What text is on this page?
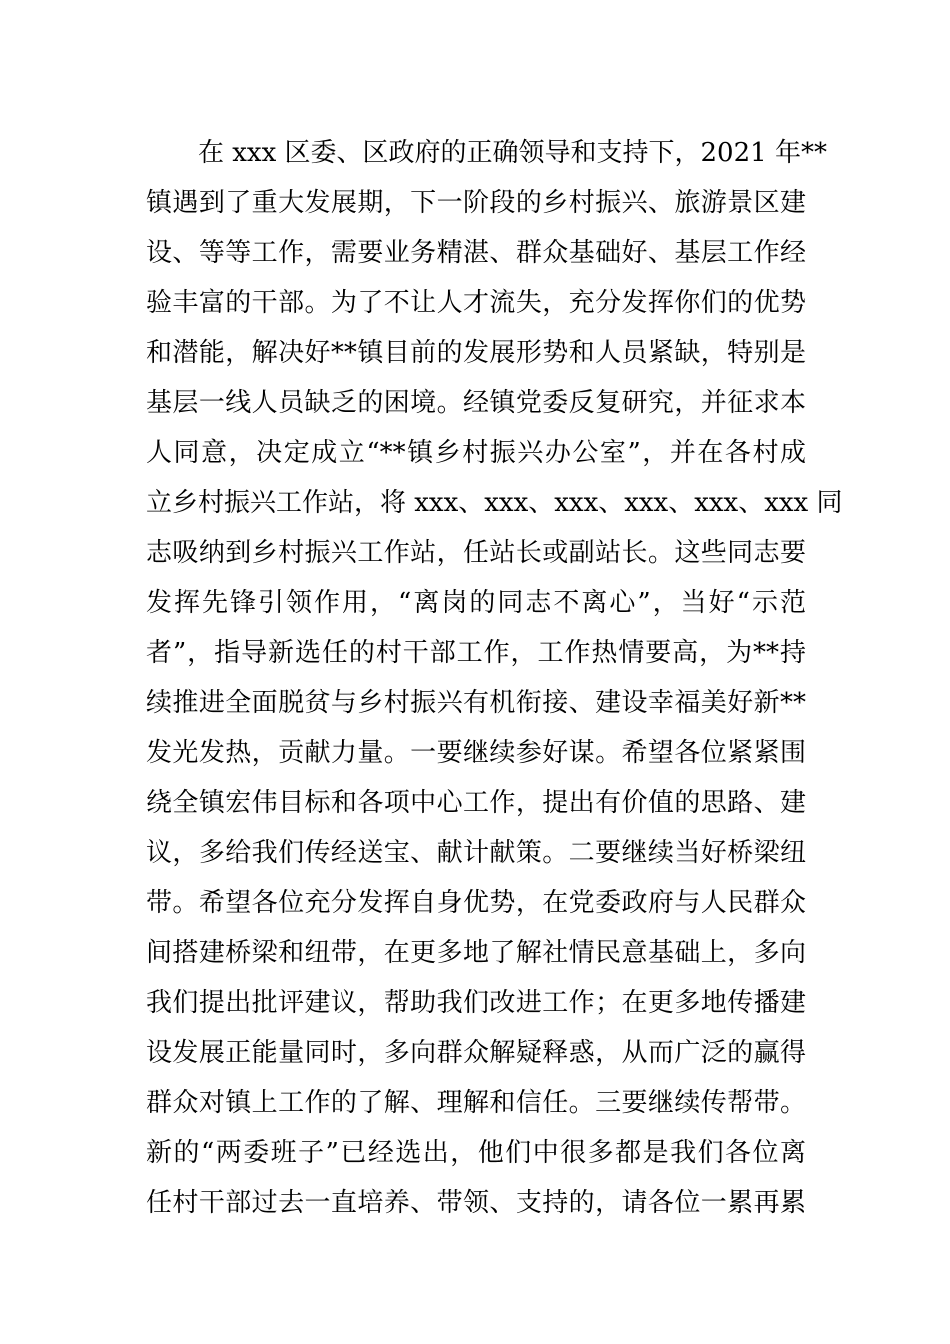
在 xxx 区委、区政府的正确领导和支持下，2021 年**
镇遇到了重大发展期，下一阶段的乡村振兴、旅游景区建
设、等等工作，需要业务精湛、群众基础好、基层工作经
验丰富的干部。为了不让人才流失，充分发挥你们的优势
和潜能，解决好**镇目前的发展形势和人员紧缺，特别是
基层一线人员缺乏的困境。经镇党委反复研究，并征求本
人同意，决定成立“**镇乡村振兴办公室”，并在各村成
立乡村振兴工作站，将 xxx、xxx、xxx、xxx、xxx、xxx 同
志吸纳到乡村振兴工作站，任站长或副站长。这些同志要
发挥先锋引领作用，“离岗的同志不离心”，当好“示范
者”，指导新选任的村干部工作，工作热情要高，为**持
续推进全面脱贫与乡村振兴有机衔接、建设幸福美好新**
发光发热，贡献力量。一要继续参好谋。希望各位紧紧围
绕全镇宏伟目标和各项中心工作，提出有价值的思路、建
议，多给我们传经送宝、献计献策。二要继续当好桥梁纽
带。希望各位充分发挥自身优势，在党委政府与人民群众
间搭建桥梁和纽带，在更多地了解社情民意基础上，多向
我们提出批评建议，帮助我们改进工作；在更多地传播建
设发展正能量同时，多向群众解疑释惑，从而广泛的赢得
群众对镇上工作的了解、理解和信任。三要继续传帮带。
新的“两委班子”已经选出，他们中很多都是我们各位离
任村干部过去一直培养、带领、支持的，请各位一累再累
